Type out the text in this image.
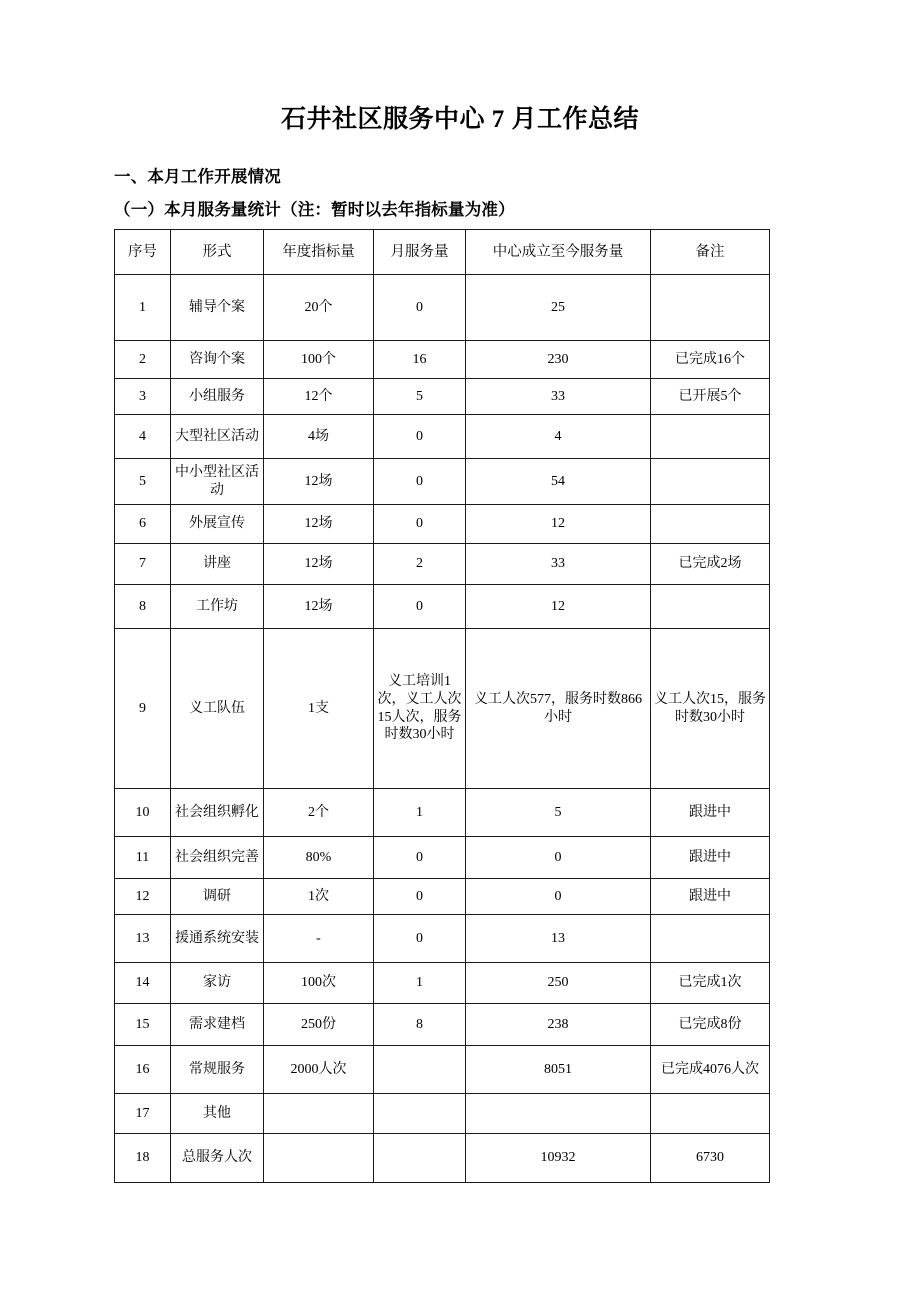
石井社区服务中心 7 月工作总结
一、本月工作开展情况
（一）本月服务量统计（注：暂时以去年指标量为准）
序号	形式	年度指标量	月服务量	中心成立至今服务量	备注
1	辅导个案	20个	0	25	
2	咨询个案	100个	16	230	已完成16个
3	小组服务	12个	5	33	已开展5个
4	大型社区活动	4场	0	4	
5	中小型社区活动	12场	0	54	
6	外展宣传	12场	0	12	
7	讲座	12场	2	33	已完成2场
8	工作坊	12场	0	12	
9	义工队伍	1支	义工培训1次，义工人次15人次，服务时数30小时	义工人次577，服务时数866小时	义工人次15，服务时数30小时
10	社会组织孵化	2个	1	5	跟进中
11	社会组织完善	80%	0	0	跟进中
12	调研	1次	0	0	跟进中
13	援通系统安装	-	0	13	
14	家访	100次	1	250	已完成1次
15	需求建档	250份	8	238	已完成8份
16	常规服务	2000人次		8051	已完成4076人次
17	其他				
18	总服务人次			10932	6730
